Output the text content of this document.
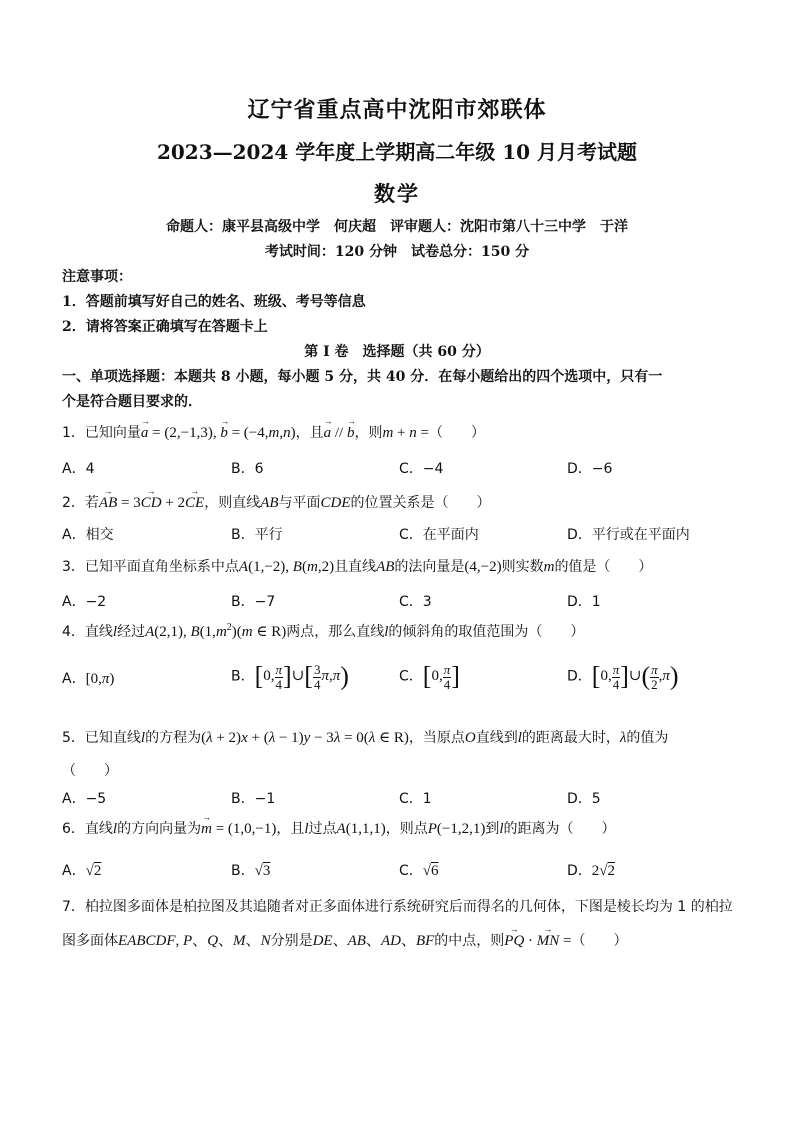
辽宁省重点高中沈阳市郊联体
2023—2024 学年度上学期高二年级 10 月月考试题
数学
命题人：康平县高级中学　何庆超　评审题人：沈阳市第八十三中学　于洋
考试时间：120 分钟　试卷总分：150 分
注意事项：
1．答题前填写好自己的姓名、班级、考号等信息
2．请将答案正确填写在答题卡上
第 I 卷　选择题（共 60 分）
一、单项选择题：本题共 8 小题，每小题 5 分，共 40 分．在每小题给出的四个选项中，只有一
个是符合题目要求的．
1．已知向量→ a = (2,−1,3), → b = (−4,m,n)，且→ a // → b，则m + n =（　　）
A．4	B．6	C．−4	D．−6
2．若→ AB = 3→ CD + 2→ CE，则直线AB与平面CDE的位置关系是（　　）
A．相交	B．平行	C．在平面内	D．平行或在平面内
3．已知平面直角坐标系中点A(1,−2), B(m,2)且直线AB的法向量是(4,−2)则实数m的值是（　　）
A．−2	B．−7	C．3	D．1
4．直线l经过A(2,1), $B(1,m^2)(m$ ∈ R)两点，那么直线l的倾斜角的取值范围为（　　）
A．[0,π)	B．[0, $\frac{\pi}{4}$ ]∪[ $\frac{3}{4} \pi,\pi$)	C．[0, $\frac{\pi}{4}$ ]	D．[0, $\frac{\pi}{4}$ ]∪( $\frac{\pi}{2} ,\pi$)
5．已知直线l的方程为(λ + 2)x + (λ − 1)y − 3λ = 0(λ ∈ R)，当原点O直线到l的距离最大时，λ的值为
（　　）
A．−5	B．−1	C．1	D．5
6．直线l的方向向量为→ m = (1,0,−1)，且l过点A(1,1,1)，则点P(−1,2,1)到l的距离为（　　）
A．√2	B．√3	C．√6	D．2√2
7．柏拉图多面体是柏拉图及其追随者对正多面体进行系统研究后而得名的几何体，下图是棱长均为 1 的柏拉
图多面体EABCDF, P、Q、M、N分别是DE、AB、AD、BF的中点，则→ PQ · → MN =（　　）
